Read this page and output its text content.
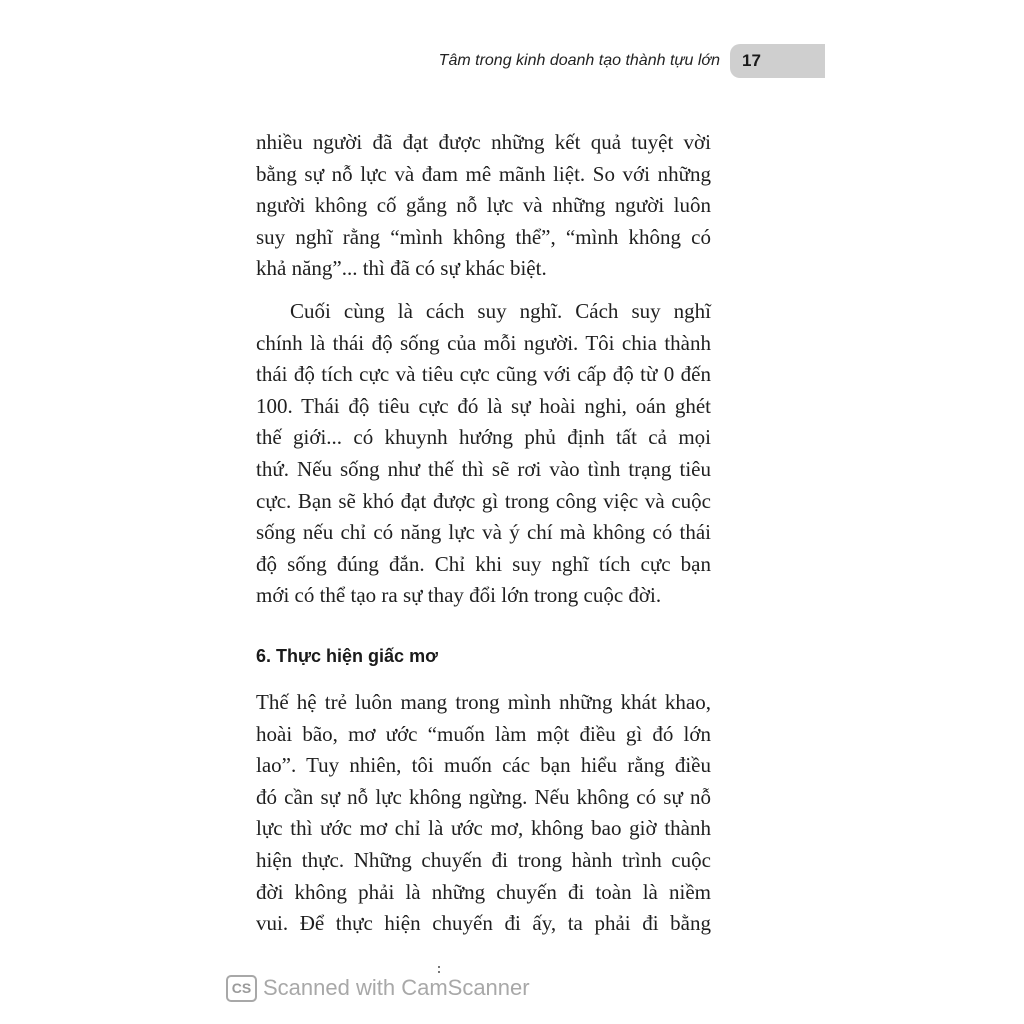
Tâm trong kinh doanh tạo thành tựu lớn 17
nhiều người đã đạt được những kết quả tuyệt vời
bằng sự nỗ lực và đam mê mãnh liệt. So với những
người không cố gắng nỗ lực và những người luôn
suy nghĩ rằng “mình không thể”, “mình không có
khả năng”... thì đã có sự khác biệt.
Cuối cùng là cách suy nghĩ. Cách suy nghĩ
chính là thái độ sống của mỗi người. Tôi chia thành
thái độ tích cực và tiêu cực cũng với cấp độ từ 0 đến
100. Thái độ tiêu cực đó là sự hoài nghi, oán ghét
thế giới... có khuynh hướng phủ định tất cả mọi
thứ. Nếu sống như thế thì sẽ rơi vào tình trạng tiêu
cực. Bạn sẽ khó đạt được gì trong công việc và cuộc
sống nếu chỉ có năng lực và ý chí mà không có thái
độ sống đúng đắn. Chỉ khi suy nghĩ tích cực bạn
mới có thể tạo ra sự thay đổi lớn trong cuộc đời.
6. Thực hiện giấc mơ
Thế hệ trẻ luôn mang trong mình những khát khao,
hoài bão, mơ ước “muốn làm một điều gì đó lớn
lao”. Tuy nhiên, tôi muốn các bạn hiểu rằng điều
đó cần sự nỗ lực không ngừng. Nếu không có sự nỗ
lực thì ước mơ chỉ là ước mơ, không bao giờ thành
hiện thực. Những chuyến đi trong hành trình cuộc
đời không phải là những chuyến đi toàn là niềm
vui. Để thực hiện chuyến đi ấy, ta phải đi bằng
CS Scanned with CamScanner
